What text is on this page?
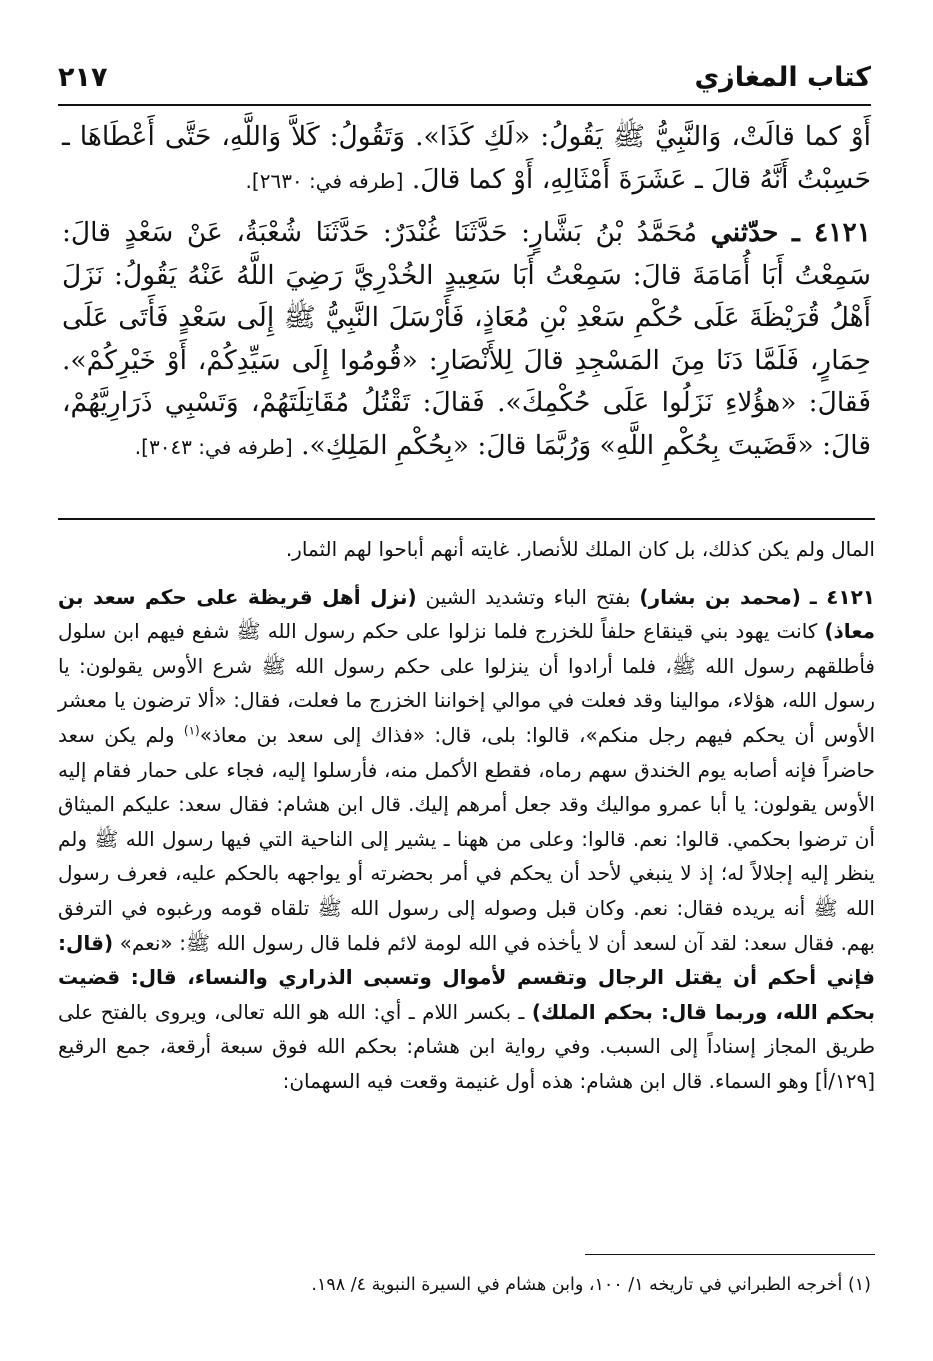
كتاب المغازي
٢١٧

أَوْ كما قالَتْ، وَالنَّبِيُّ ﷺ يَقُولُ: «لَكِ كَذَا». وَتَقُولُ: كَلاَّ وَاللَّهِ، حَتَّى أَعْطَاهَا ـ حَسِبْتُ أَنَّهُ قالَ ـ عَشَرَةَ أَمْثَالِهِ، أَوْ كما قالَ. [طرفه في: ٢٦٣٠].

٤١٢١ ـ حدّثني مُحَمَّدُ بْنُ بَشَّارٍ: حَدَّثَنَا غُنْدَرٌ: حَدَّثَنَا شُعْبَةُ، عَنْ سَعْدٍ قالَ: سَمِعْتُ أَبَا أُمَامَةَ قالَ: سَمِعْتُ أَبَا سَعِيدٍ الخُدْرِيَّ رَضِيَ اللَّهُ عَنْهُ يَقُولُ: نَزَلَ أَهْلُ قُرَيْظَةَ عَلَى حُكْمِ سَعْدِ بْنِ مُعَاذٍ، فَأَرْسَلَ النَّبِيُّ ﷺ إِلَى سَعْدٍ فَأَتَى عَلَى حِمَارٍ، فَلَمَّا دَنَا مِنَ المَسْجِدِ قالَ لِلأَنْصَارِ: «قُومُوا إِلَى سَيِّدِكُمْ، أَوْ خَيْرِكُمْ». فَقالَ: «هؤُلاءِ نَزَلُوا عَلَى حُكْمِكَ». فَقالَ: تَقْتُلُ مُقَاتِلَتَهُمْ، وَتَسْبِي ذَرَارِيَّهُمْ، قالَ: «قَضَيتَ بِحُكْمِ اللَّهِ» وَرُبَّمَا قالَ: «بِحُكْمِ المَلِكِ». [طرفه في: ٣٠٤٣].

المال ولم يكن كذلك، بل كان الملك للأنصار. غايته أنهم أباحوا لهم الثمار.

٤١٢١ ـ (محمد بن بشار) بفتح الباء وتشديد الشين (نزل أهل قريظة على حكم سعد بن معاذ) كانت يهود بني قينقاع حلفاً للخزرج فلما نزلوا على حكم رسول الله ﷺ شفع فيهم ابن سلول فأطلقهم رسول الله ﷺ، فلما أرادوا أن ينزلوا على حكم رسول الله ﷺ شرع الأوس يقولون: يا رسول الله، هؤلاء، موالينا وقد فعلت في موالي إخواننا الخزرج ما فعلت، فقال: «ألا ترضون يا معشر الأوس أن يحكم فيهم رجل منكم»، قالوا: بلى، قال: «فذاك إلى سعد بن معاذ»$^{(١)}$ ولم يكن سعد حاضراً فإنه أصابه يوم الخندق سهم رماه، فقطع الأكمل منه، فأرسلوا إليه، فجاء على حمار فقام إليه الأوس يقولون: يا أبا عمرو مواليك وقد جعل أمرهم إليك. قال ابن هشام: فقال سعد: عليكم الميثاق أن ترضوا بحكمي. قالوا: نعم. قالوا: وعلى من ههنا ـ يشير إلى الناحية التي فيها رسول الله ﷺ ولم ينظر إليه إجلالاً له؛ إذ لا ينبغي لأحد أن يحكم في أمر بحضرته أو يواجهه بالحكم عليه، فعرف رسول الله ﷺ أنه يريده فقال: نعم. وكان قبل وصوله إلى رسول الله ﷺ تلقاه قومه ورغبوه في الترفق بهم. فقال سعد: لقد آن لسعد أن لا يأخذه في الله لومة لائم فلما قال رسول الله ﷺ: «نعم» (قال: فإني أحكم أن يقتل الرجال وتقسم لأموال وتسبى الذراري والنساء، قال: قضيت بحكم الله، وربما قال: بحكم الملك) ـ بكسر اللام ـ أي: الله هو الله تعالى، ويروى بالفتح على طريق المجاز إسناداً إلى السبب. وفي رواية ابن هشام: بحكم الله فوق سبعة أرقعة، جمع الرقيع [١٢٩/أ] وهو السماء. قال ابن هشام: هذه أول غنيمة وقعت فيه السهمان:

(١) أخرجه الطبراني في تاريخه ١/ ١٠٠، وابن هشام في السيرة النبوية ٤/ ١٩٨.
